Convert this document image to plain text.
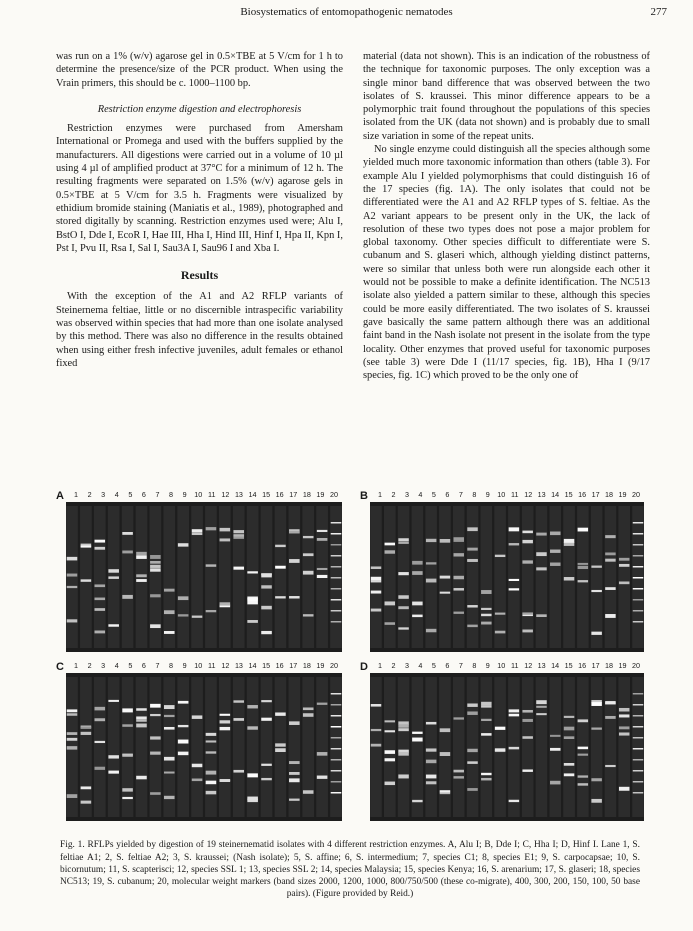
Biosystematics of entomopathogenic nematodes	277

was run on a 1% (w/v) agarose gel in 0.5×TBE at 5 V/cm for 1 h to determine the presence/size of the PCR product. When using the Vrain primers, this should be c. 1000–1100 bp.

Restriction enzyme digestion and electrophoresis

Restriction enzymes were purchased from Amersham International or Promega and used with the buffers supplied by the manufacturers. All digestions were carried out in a volume of 10 µl using 4 µl of amplified product at 37°C for a minimum of 12 h. The resulting fragments were separated on 1.5% (w/v) agarose gels in 0.5×TBE at 5 V/cm for 3.5 h. Fragments were visualized by ethidium bromide staining (Maniatis et al., 1989), photographed and stored digitally by scanning. Restriction enzymes used were; Alu I, BstO I, Dde I, EcoR I, Hae III, Hha I, Hind III, Hinf I, Hpa II, Kpn I, Pst I, Pvu II, Rsa I, Sal I, Sau3A I, Sau96 I and Xba I.

Results

With the exception of the A1 and A2 RFLP variants of Steinernema feltiae, little or no discernible intraspecific variability was observed within species that had more than one isolate analysed by this method. There was also no difference in the results obtained when using either fresh infective juveniles, adult females or ethanol fixed

material (data not shown). This is an indication of the robustness of the technique for taxonomic purposes. The only exception was a single minor band difference that was observed between the two isolates of S. kraussei. This minor difference appears to be a polymorphic trait found throughout the populations of this species isolated from the UK (data not shown) and is probably due to small size variation in some of the repeat units.

No single enzyme could distinguish all the species although some yielded much more taxonomic information than others (table 3). For example Alu I yielded polymorphisms that could distinguish 16 of the 17 species (fig. 1A). The only isolates that could not be differentiated were the A1 and A2 RFLP types of S. feltiae. As the A2 variant appears to be present only in the UK, the lack of resolution of these two types does not pose a major problem for global taxonomy. Other species difficult to differentiate were S. cubanum and S. glaseri which, although yielding distinct patterns, were so similar that unless both were run alongside each other it would not be possible to make a definite identification. The NC513 isolate also yielded a pattern similar to these, although this species could be more easily differentiated. The two isolates of S. kraussei gave basically the same pattern although there was an additional faint band in the Nash isolate not present in the isolate from the type locality. Other enzymes that proved useful for taxonomic purposes (see table 3) were Dde I (11/17 species, fig. 1B), Hha I (9/17 species, fig. 1C) which proved to be the only one of

A 1 2 3 4 5 6 7 8 9 10 11 12 13 14 15 16 17 18 19 20 B 1 2 3 4 5 6 7 8 9 10 11 12 13 14 15 16 17 18 19 20
C 1 2 3 4 5 6 7 8 9 10 11 12 13 14 15 16 17 18 19 20 D 1 2 3 4 5 6 7 8 9 10 11 12 13 14 15 16 17 18 19 20

Fig. 1. RFLPs yielded by digestion of 19 steinernematid isolates with 4 different restriction enzymes. A, Alu I; B, Dde I; C, Hha I; D, Hinf I. Lane 1, S. feltiae A1; 2, S. feltiae A2; 3, S. kraussei; (Nash isolate); 5, S. affine; 6, S. intermedium; 7, species C1; 8, species E1; 9, S. carpocapsae; 10, S. bicornutum; 11, S. scapterisci; 12, species SSL 1; 13, species SSL 2; 14, species Malaysia; 15, species Kenya; 16, S. arenarium; 17, S. glaseri; 18, species NC513; 19, S. cubanum; 20, molecular weight markers (band sizes 2000, 1200, 1000, 800/750/500 (these co-migrate), 400, 300, 200, 150, 100, 50 base pairs). (Figure provided by Reid.)
